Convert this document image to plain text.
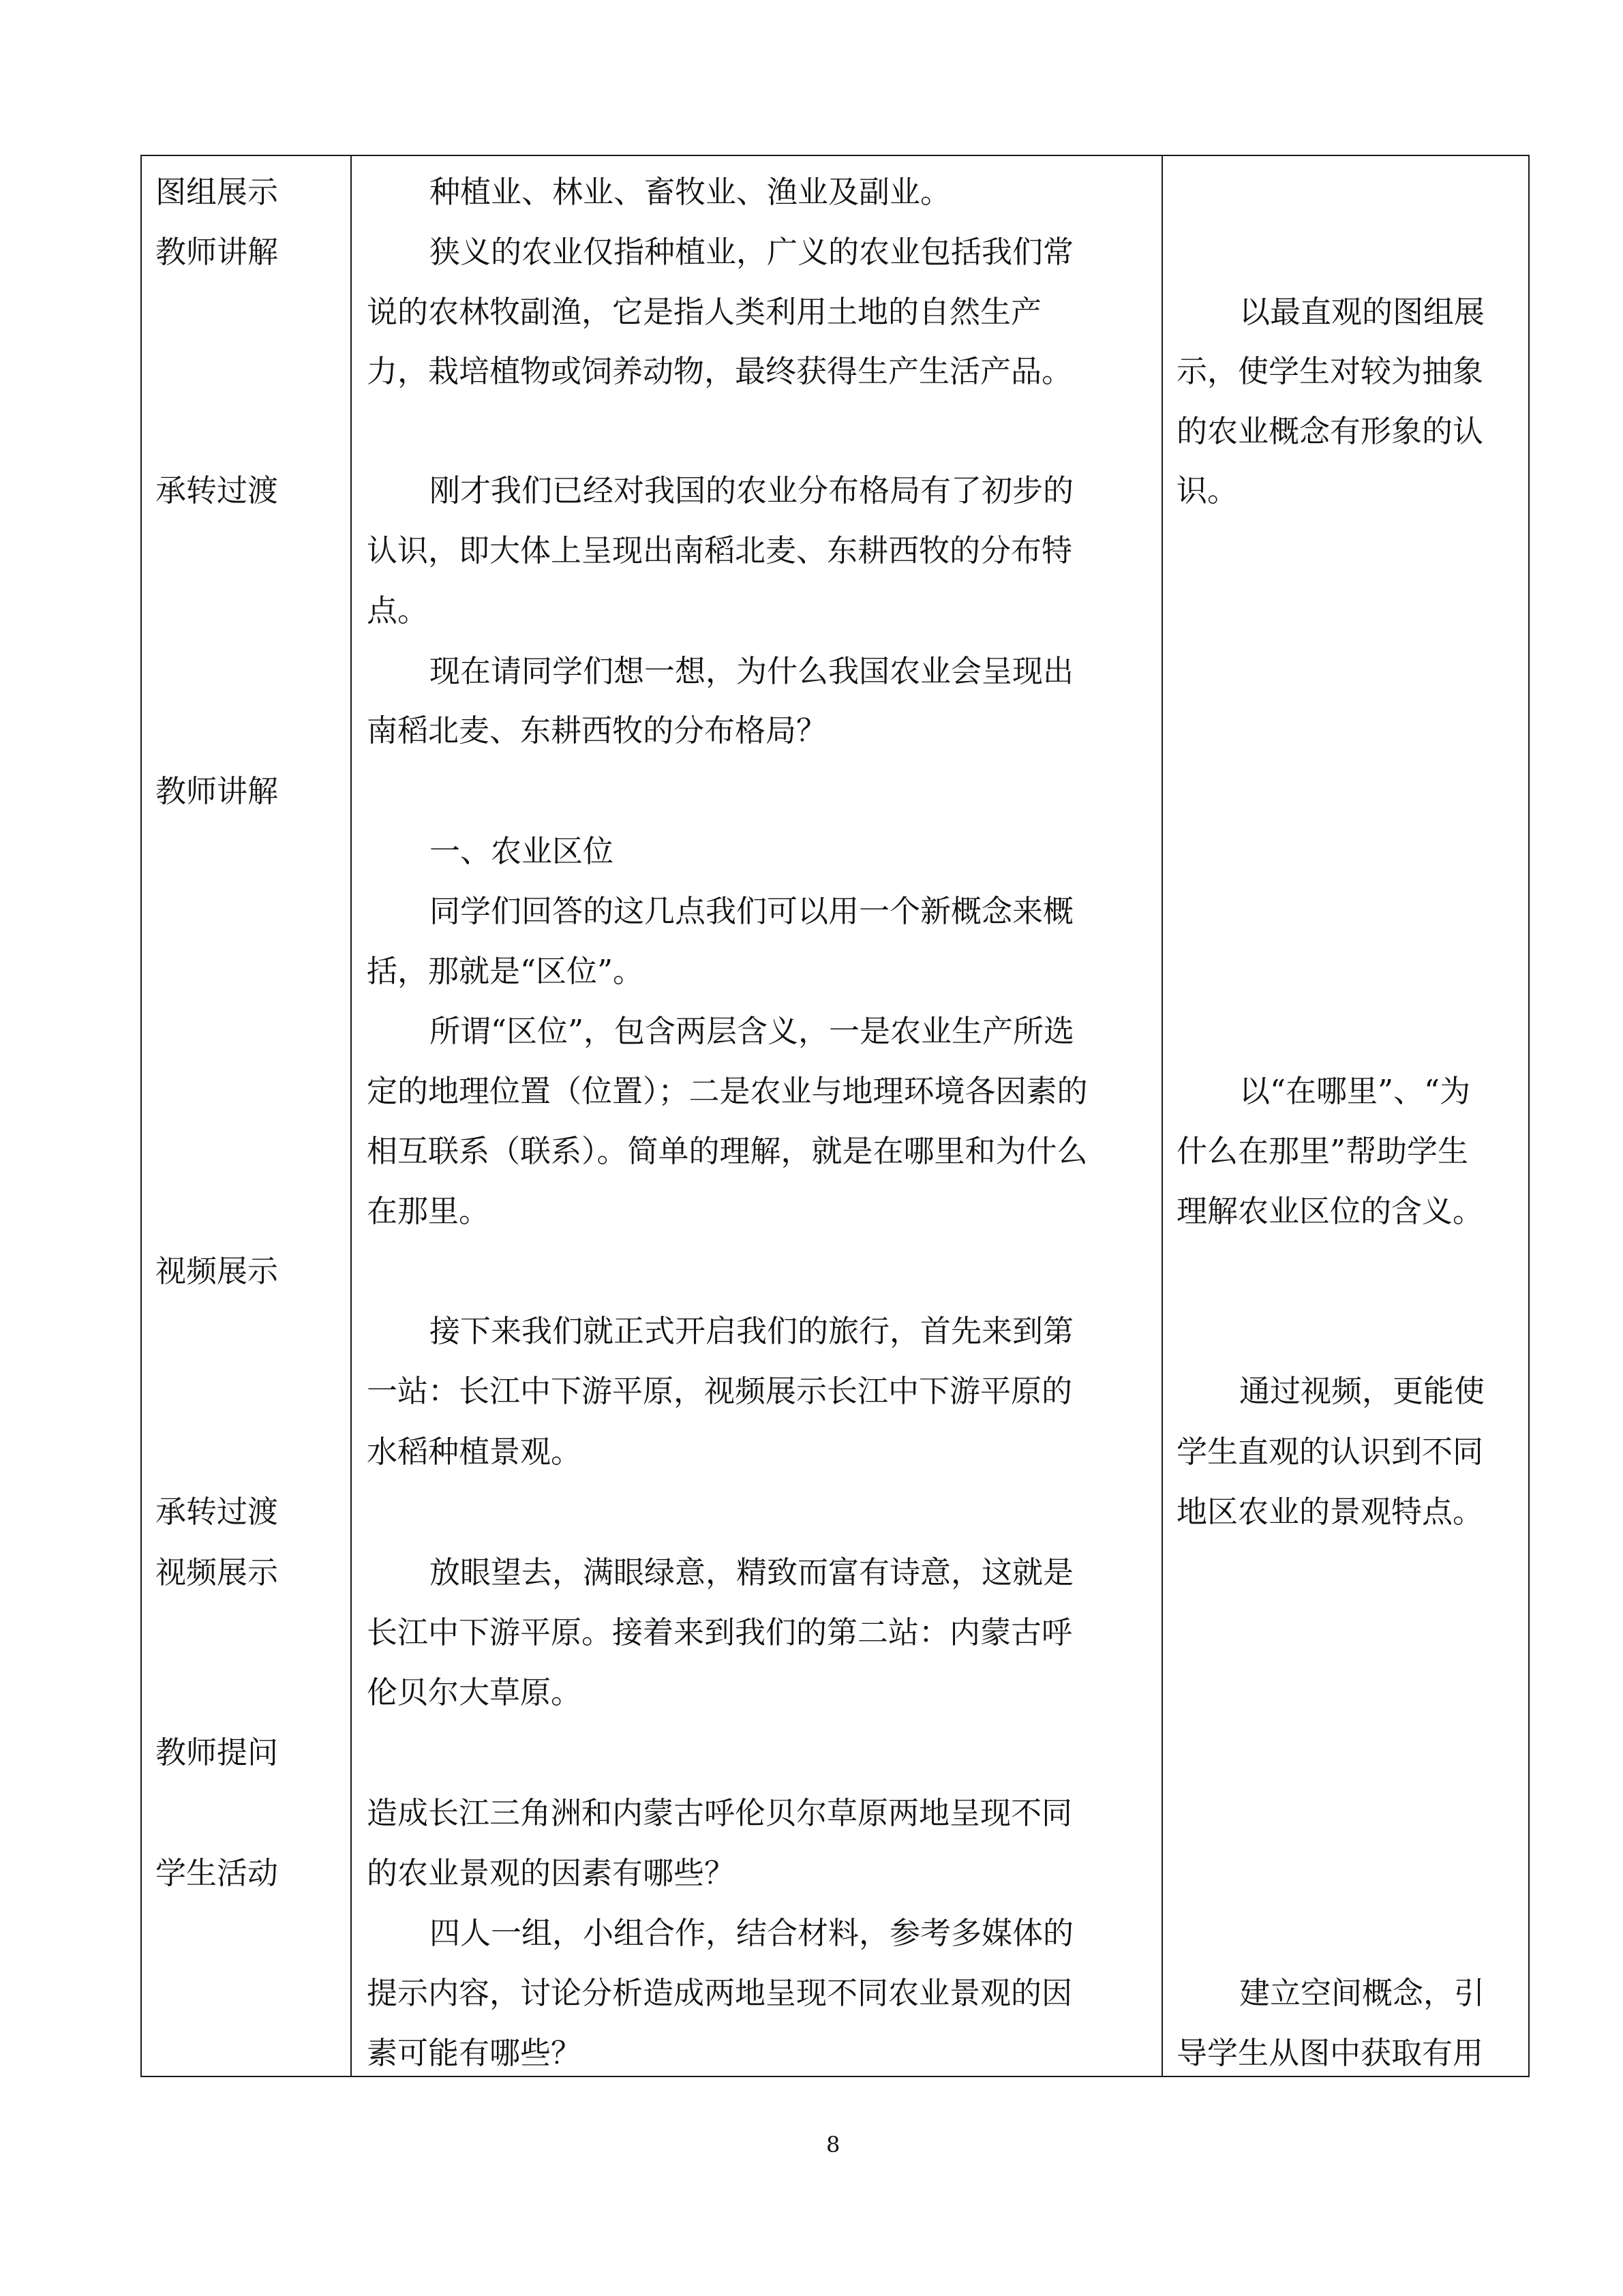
图组展示
教师讲解
承转过渡
教师讲解
视频展示
承转过渡
视频展示
教师提问
学生活动
种植业、林业、畜牧业、渔业及副业。
狭义的农业仅指种植业，广义的农业包括我们常
说的农林牧副渔，它是指人类利用土地的自然生产
力，栽培植物或饲养动物，最终获得生产生活产品。
刚才我们已经对我国的农业分布格局有了初步的
认识，即大体上呈现出南稻北麦、东耕西牧的分布特
点。
现在请同学们想一想，为什么我国农业会呈现出
南稻北麦、东耕西牧的分布格局？
一、农业区位
同学们回答的这几点我们可以用一个新概念来概
括，那就是“区位”。
所谓“区位”，包含两层含义，一是农业生产所选
定的地理位置（位置）；二是农业与地理环境各因素的
相互联系（联系）。简单的理解，就是在哪里和为什么
在那里。
接下来我们就正式开启我们的旅行，首先来到第
一站：长江中下游平原，视频展示长江中下游平原的
水稻种植景观。
放眼望去，满眼绿意，精致而富有诗意，这就是
长江中下游平原。接着来到我们的第二站：内蒙古呼
伦贝尔大草原。
造成长江三角洲和内蒙古呼伦贝尔草原两地呈现不同
的农业景观的因素有哪些？
四人一组，小组合作，结合材料，参考多媒体的
提示内容，讨论分析造成两地呈现不同农业景观的因
素可能有哪些？
以最直观的图组展
示，使学生对较为抽象
的农业概念有形象的认
识。
以“在哪里”、“为
什么在那里”帮助学生
理解农业区位的含义。
通过视频，更能使
学生直观的认识到不同
地区农业的景观特点。
建立空间概念，引
导学生从图中获取有用
8
